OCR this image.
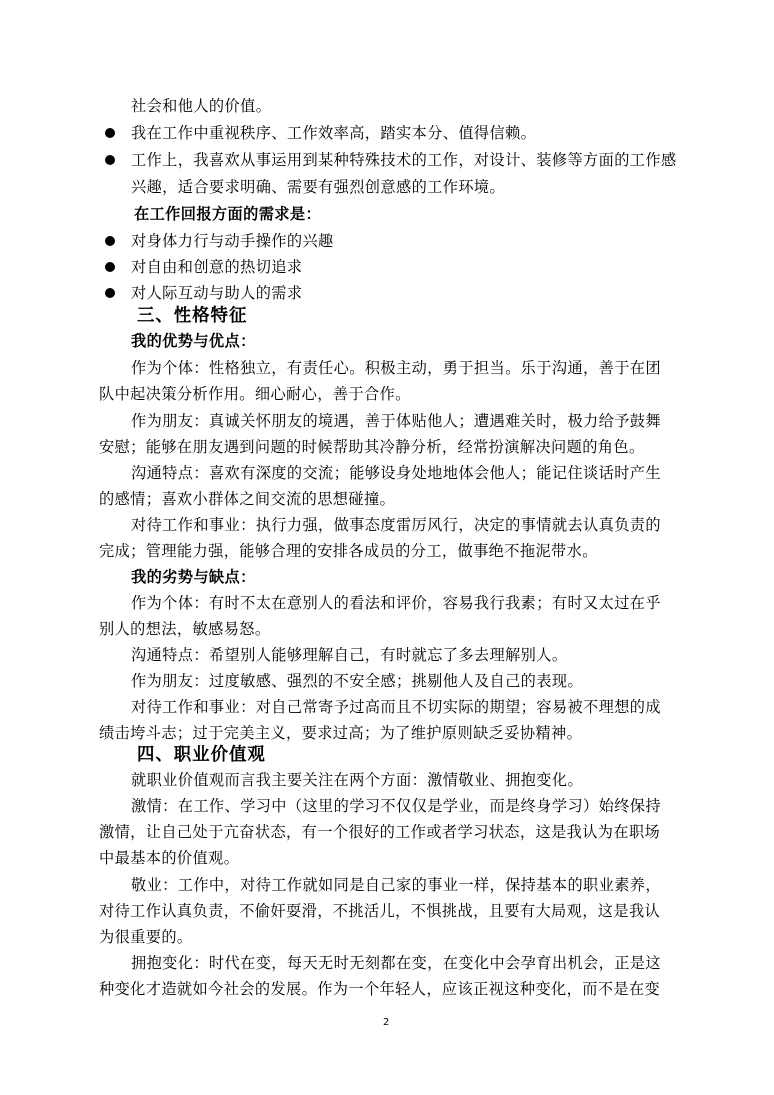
社会和他人的价值。
我在工作中重视秩序、工作效率高，踏实本分、值得信赖。
工作上，我喜欢从事运用到某种特殊技术的工作，对设计、装修等方面的工作感
兴趣，适合要求明确、需要有强烈创意感的工作环境。
在工作回报方面的需求是：
对身体力行与动手操作的兴趣
对自由和创意的热切追求
对人际互动与助人的需求
三、性格特征
我的优势与优点：
作为个体：性格独立，有责任心。积极主动，勇于担当。乐于沟通，善于在团
队中起决策分析作用。细心耐心，善于合作。
作为朋友：真诚关怀朋友的境遇，善于体贴他人；遭遇难关时，极力给予鼓舞
安慰；能够在朋友遇到问题的时候帮助其冷静分析，经常扮演解决问题的角色。
沟通特点：喜欢有深度的交流；能够设身处地地体会他人；能记住谈话时产生
的感情；喜欢小群体之间交流的思想碰撞。
对待工作和事业：执行力强，做事态度雷厉风行，决定的事情就去认真负责的
完成；管理能力强，能够合理的安排各成员的分工，做事绝不拖泥带水。
我的劣势与缺点：
作为个体：有时不太在意别人的看法和评价，容易我行我素；有时又太过在乎
别人的想法，敏感易怒。
沟通特点：希望别人能够理解自己，有时就忘了多去理解别人。
作为朋友：过度敏感、强烈的不安全感；挑剔他人及自己的表现。
对待工作和事业：对自己常寄予过高而且不切实际的期望；容易被不理想的成
绩击垮斗志；过于完美主义，要求过高；为了维护原则缺乏妥协精神。
四、职业价值观
就职业价值观而言我主要关注在两个方面：激情敬业、拥抱变化。
激情：在工作、学习中（这里的学习不仅仅是学业，而是终身学习）始终保持
激情，让自己处于亢奋状态，有一个很好的工作或者学习状态，这是我认为在职场
中最基本的价值观。
敬业：工作中，对待工作就如同是自己家的事业一样，保持基本的职业素养，
对待工作认真负责，不偷奸耍滑，不挑活儿，不惧挑战，且要有大局观，这是我认
为很重要的。
拥抱变化：时代在变，每天无时无刻都在变，在变化中会孕育出机会，正是这
种变化才造就如今社会的发展。作为一个年轻人，应该正视这种变化，而不是在变
2
